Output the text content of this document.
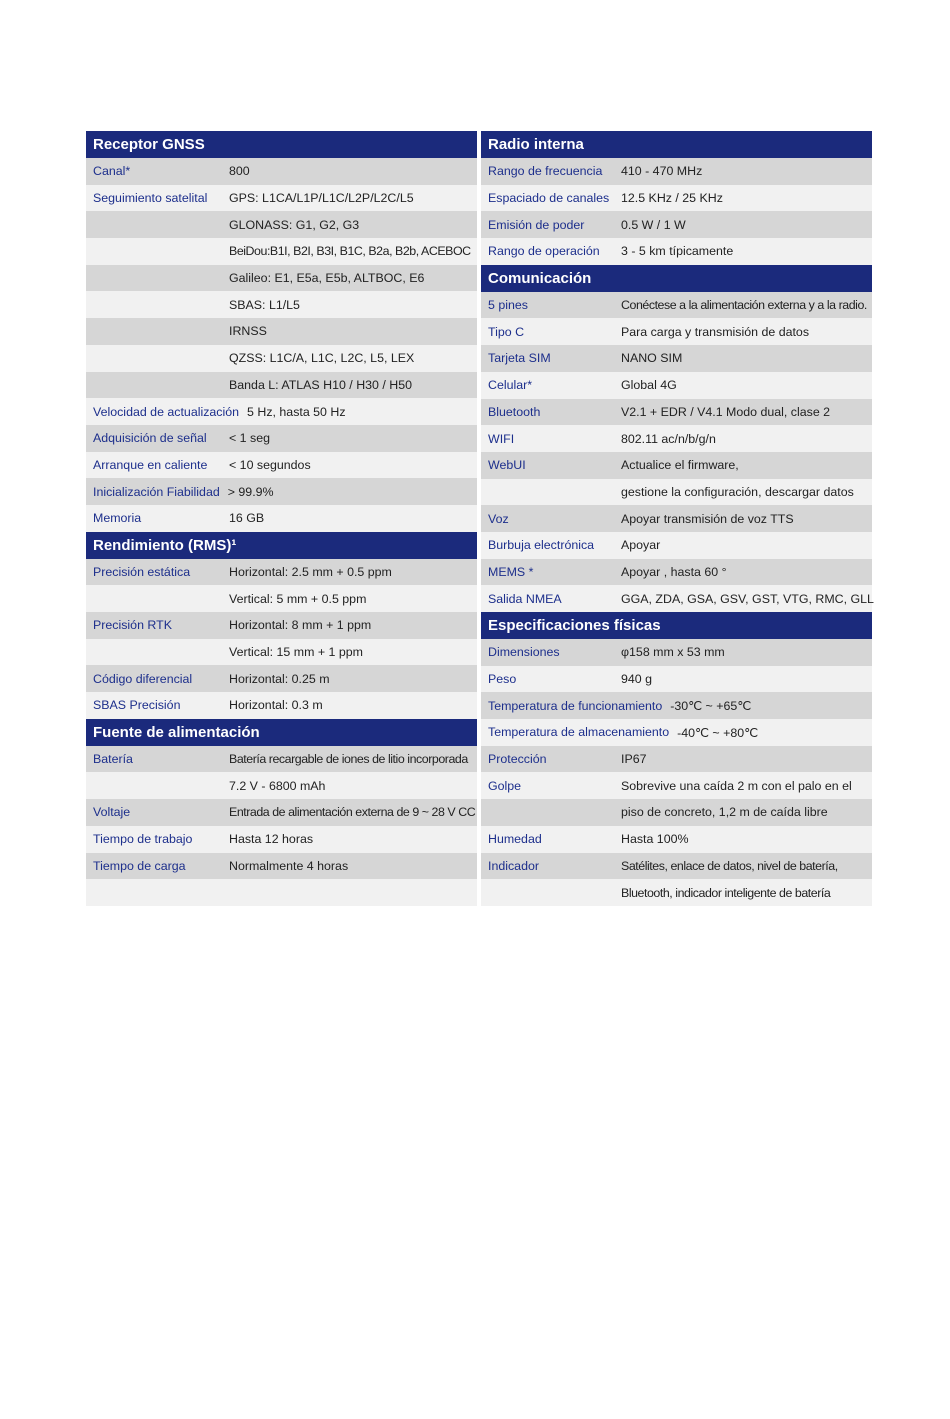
Receptor GNSS
Canal*	800
Seguimiento satelital	GPS: L1CA/L1P/L1C/L2P/L2C/L5
GLONASS: G1, G2, G3
BeiDou:B1I, B2I, B3I, B1C, B2a, B2b, ACEBOC
Galileo: E1, E5a, E5b, ALTBOC, E6
SBAS: L1/L5
IRNSS
QZSS: L1C/A, L1C, L2C, L5, LEX
Banda L: ATLAS H10 / H30 / H50
Velocidad de actualización 5 Hz, hasta 50 Hz
Adquisición de señal	< 1 seg
Arranque en caliente	< 10 segundos
Inicialización Fiabilidad > 99.9%
Memoria	16 GB
Rendimiento (RMS)¹
Precisión estática	Horizontal: 2.5 mm + 0.5 ppm
Vertical: 5 mm + 0.5 ppm
Precisión RTK	Horizontal: 8 mm + 1 ppm
Vertical: 15 mm + 1 ppm
Código diferencial	Horizontal: 0.25 m
SBAS Precisión	Horizontal: 0.3 m
Fuente de alimentación
Batería	Batería recargable de iones de litio incorporada
7.2 V - 6800 mAh
Voltaje	Entrada de alimentación externa de 9 ~ 28 V CC
Tiempo de trabajo	Hasta 12 horas
Tiempo de carga	Normalmente 4 horas
Radio interna
Rango de frecuencia	410 - 470 MHz
Espaciado de canales 12.5 KHz / 25 KHz
Emisión de poder	0.5 W / 1 W
Rango de operación	3 - 5 km típicamente
Comunicación
5 pines	Conéctese a la alimentación externa y a la radio.
Tipo C	Para carga y transmisión de datos
Tarjeta SIM	NANO SIM
Celular*	Global 4G
Bluetooth	V2.1 + EDR / V4.1 Modo dual, clase 2
WIFI	802.11 ac/n/b/g/n
WebUI	Actualice el firmware,
gestione la configuración, descargar datos
Voz	Apoyar transmisión de voz TTS
Burbuja electrónica	Apoyar
MEMS *	Apoyar , hasta 60 °
Salida NMEA	GGA, ZDA, GSA, GSV, GST, VTG, RMC, GLL
Especificaciones físicas
Dimensiones	φ158 mm x 53 mm
Peso	940 g
Temperatura de funcionamiento -30℃ ~ +65℃
Temperatura de almacenamiento -40℃ ~ +80℃
Protección	IP67
Golpe	Sobrevive una caída 2 m con el palo en el
piso de concreto, 1,2 m de caída libre
Humedad	Hasta 100%
Indicador	Satélites, enlace de datos, nivel de batería,
Bluetooth, indicador inteligente de batería
